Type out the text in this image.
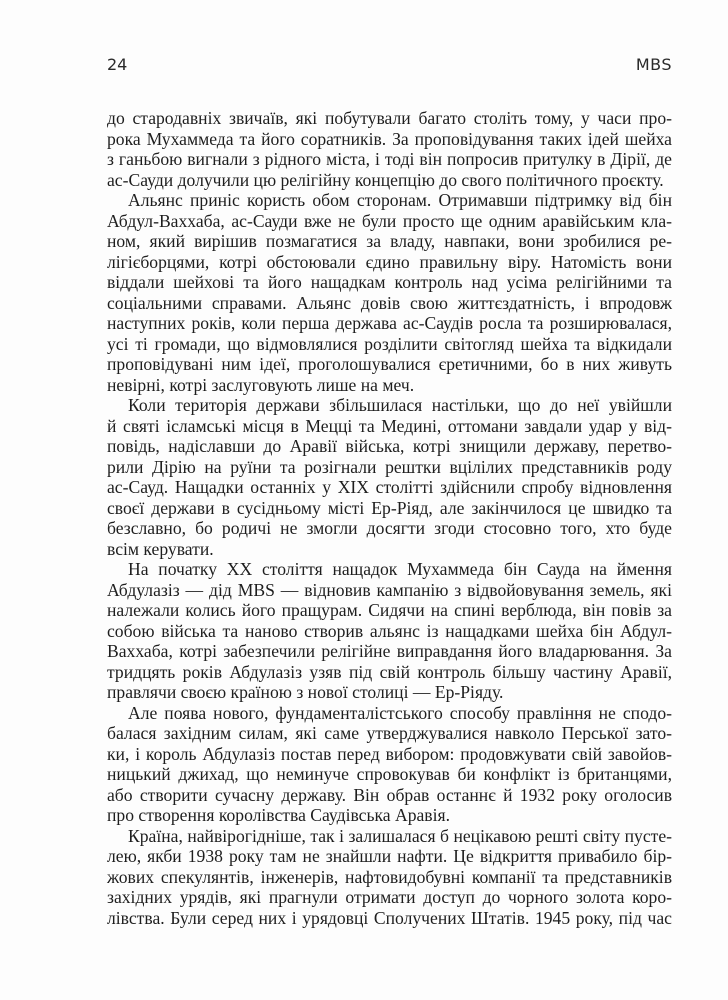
24	MBS
до стародавніх звичаїв, які побутували багато століть тому, у часи про-
рока Мухаммеда та його соратників. За проповідування таких ідей шейха
з ганьбою вигнали з рідного міста, і тоді він попросив притулку в Дірії, де
ас-Сауди долучили цю релігійну концепцію до свого політичного проєкту.
Альянс приніс користь обом сторонам. Отримавши підтримку від бін
Абдул-Ваххаба, ас-Сауди вже не були просто ще одним аравійським кла-
ном, який вирішив позмагатися за владу, навпаки, вони зробилися ре-
лігієборцями, котрі обстоювали єдино правильну віру. Натомість вони
віддали шейхові та його нащадкам контроль над усіма релігійними та
соціальними справами. Альянс довів свою життєздатність, і впродовж
наступних років, коли перша держава ас-Саудів росла та розширювалася,
усі ті громади, що відмовлялися розділити світогляд шейха та відкидали
проповідувані ним ідеї, проголошувалися єретичними, бо в них живуть
невірні, котрі заслуговують лише на меч.
Коли територія держави збільшилася настільки, що до неї увійшли
й святі ісламські місця в Мецці та Медині, оттомани завдали удар у від-
повідь, надіславши до Аравії війська, котрі знищили державу, перетво-
рили Дірію на руїни та розігнали рештки вцілілих представників роду
ас-Сауд. Нащадки останніх у XIX столітті здійснили спробу відновлення
своєї держави в сусідньому місті Ер-Ріяд, але закінчилося це швидко та
безславно, бо родичі не змогли досягти згоди стосовно того, хто буде
всім керувати.
На початку XX століття нащадок Мухаммеда бін Сауда на ймення
Абдулазіз — дід MBS — відновив кампанію з відвойовування земель, які
належали колись його пращурам. Сидячи на спині верблюда, він повів за
собою війська та наново створив альянс із нащадками шейха бін Абдул-
Ваххаба, котрі забезпечили релігійне виправдання його владарювання. За
тридцять років Абдулазіз узяв під свій контроль більшу частину Аравії,
правлячи своєю країною з нової столиці — Ер-Ріяду.
Але поява нового, фундаменталістського способу правління не сподо-
балася західним силам, які саме утверджувалися навколо Перської зато-
ки, і король Абдулазіз постав перед вибором: продовжувати свій завойов-
ницький джихад, що неминуче спровокував би конфлікт із британцями,
або створити сучасну державу. Він обрав останнє й 1932 року оголосив
про створення королівства Саудівська Аравія.
Країна, найвірогідніше, так і залишалася б нецікавою решті світу пусте-
лею, якби 1938 року там не знайшли нафти. Це відкриття привабило бір-
жових спекулянтів, інженерів, нафтовидобувні компанії та представників
західних урядів, які прагнули отримати доступ до чорного золота коро-
лівства. Були серед них і урядовці Сполучених Штатів. 1945 року, під час
